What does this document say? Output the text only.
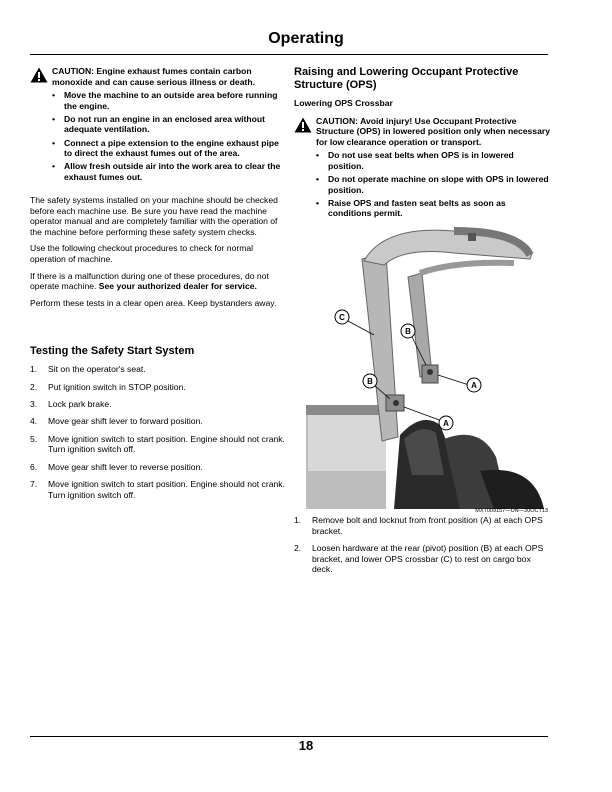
Operating
CAUTION: Engine exhaust fumes contain carbon monoxide and can cause serious illness or death.
• Move the machine to an outside area before running the engine.
• Do not run an engine in an enclosed area without adequate ventilation.
• Connect a pipe extension to the engine exhaust pipe to direct the exhaust fumes out of the area.
• Allow fresh outside air into the work area to clear the exhaust fumes out.

The safety systems installed on your machine should be checked before each machine use. Be sure you have read the machine operator manual and are completely familiar with the operation of the machine before performing these safety system checks.

Use the following checkout procedures to check for normal operation of machine.

If there is a malfunction during one of these procedures, do not operate machine. See your authorized dealer for service.

Perform these tests in a clear open area. Keep bystanders away.

Testing the Safety Start System
1. Sit on the operator's seat.
2. Put ignition switch in STOP position.
3. Lock park brake.
4. Move gear shift lever to forward position.
5. Move ignition switch to start position. Engine should not crank. Turn ignition switch off.
6. Move gear shift lever to reverse position.
7. Move ignition switch to start position. Engine should not crank. Turn ignition switch off.
Raising and Lowering Occupant Protective Structure (OPS)
Lowering OPS Crossbar
CAUTION: Avoid injury! Use Occupant Protective Structure (OPS) in lowered position only when necessary for low clearance operation or transport.
• Do not use seat belts when OPS is in lowered position.
• Do not operate machine on slope with OPS in lowered position.
• Raise OPS and fasten seat belts as soon as conditions permit.
C
B
B	A
A
MXT009157—UN—30OCT13
1. Remove bolt and locknut from front position (A) at each OPS bracket.
2. Loosen hardware at the rear (pivot) position (B) at each OPS bracket, and lower OPS crossbar (C) to rest on cargo box deck.
18
